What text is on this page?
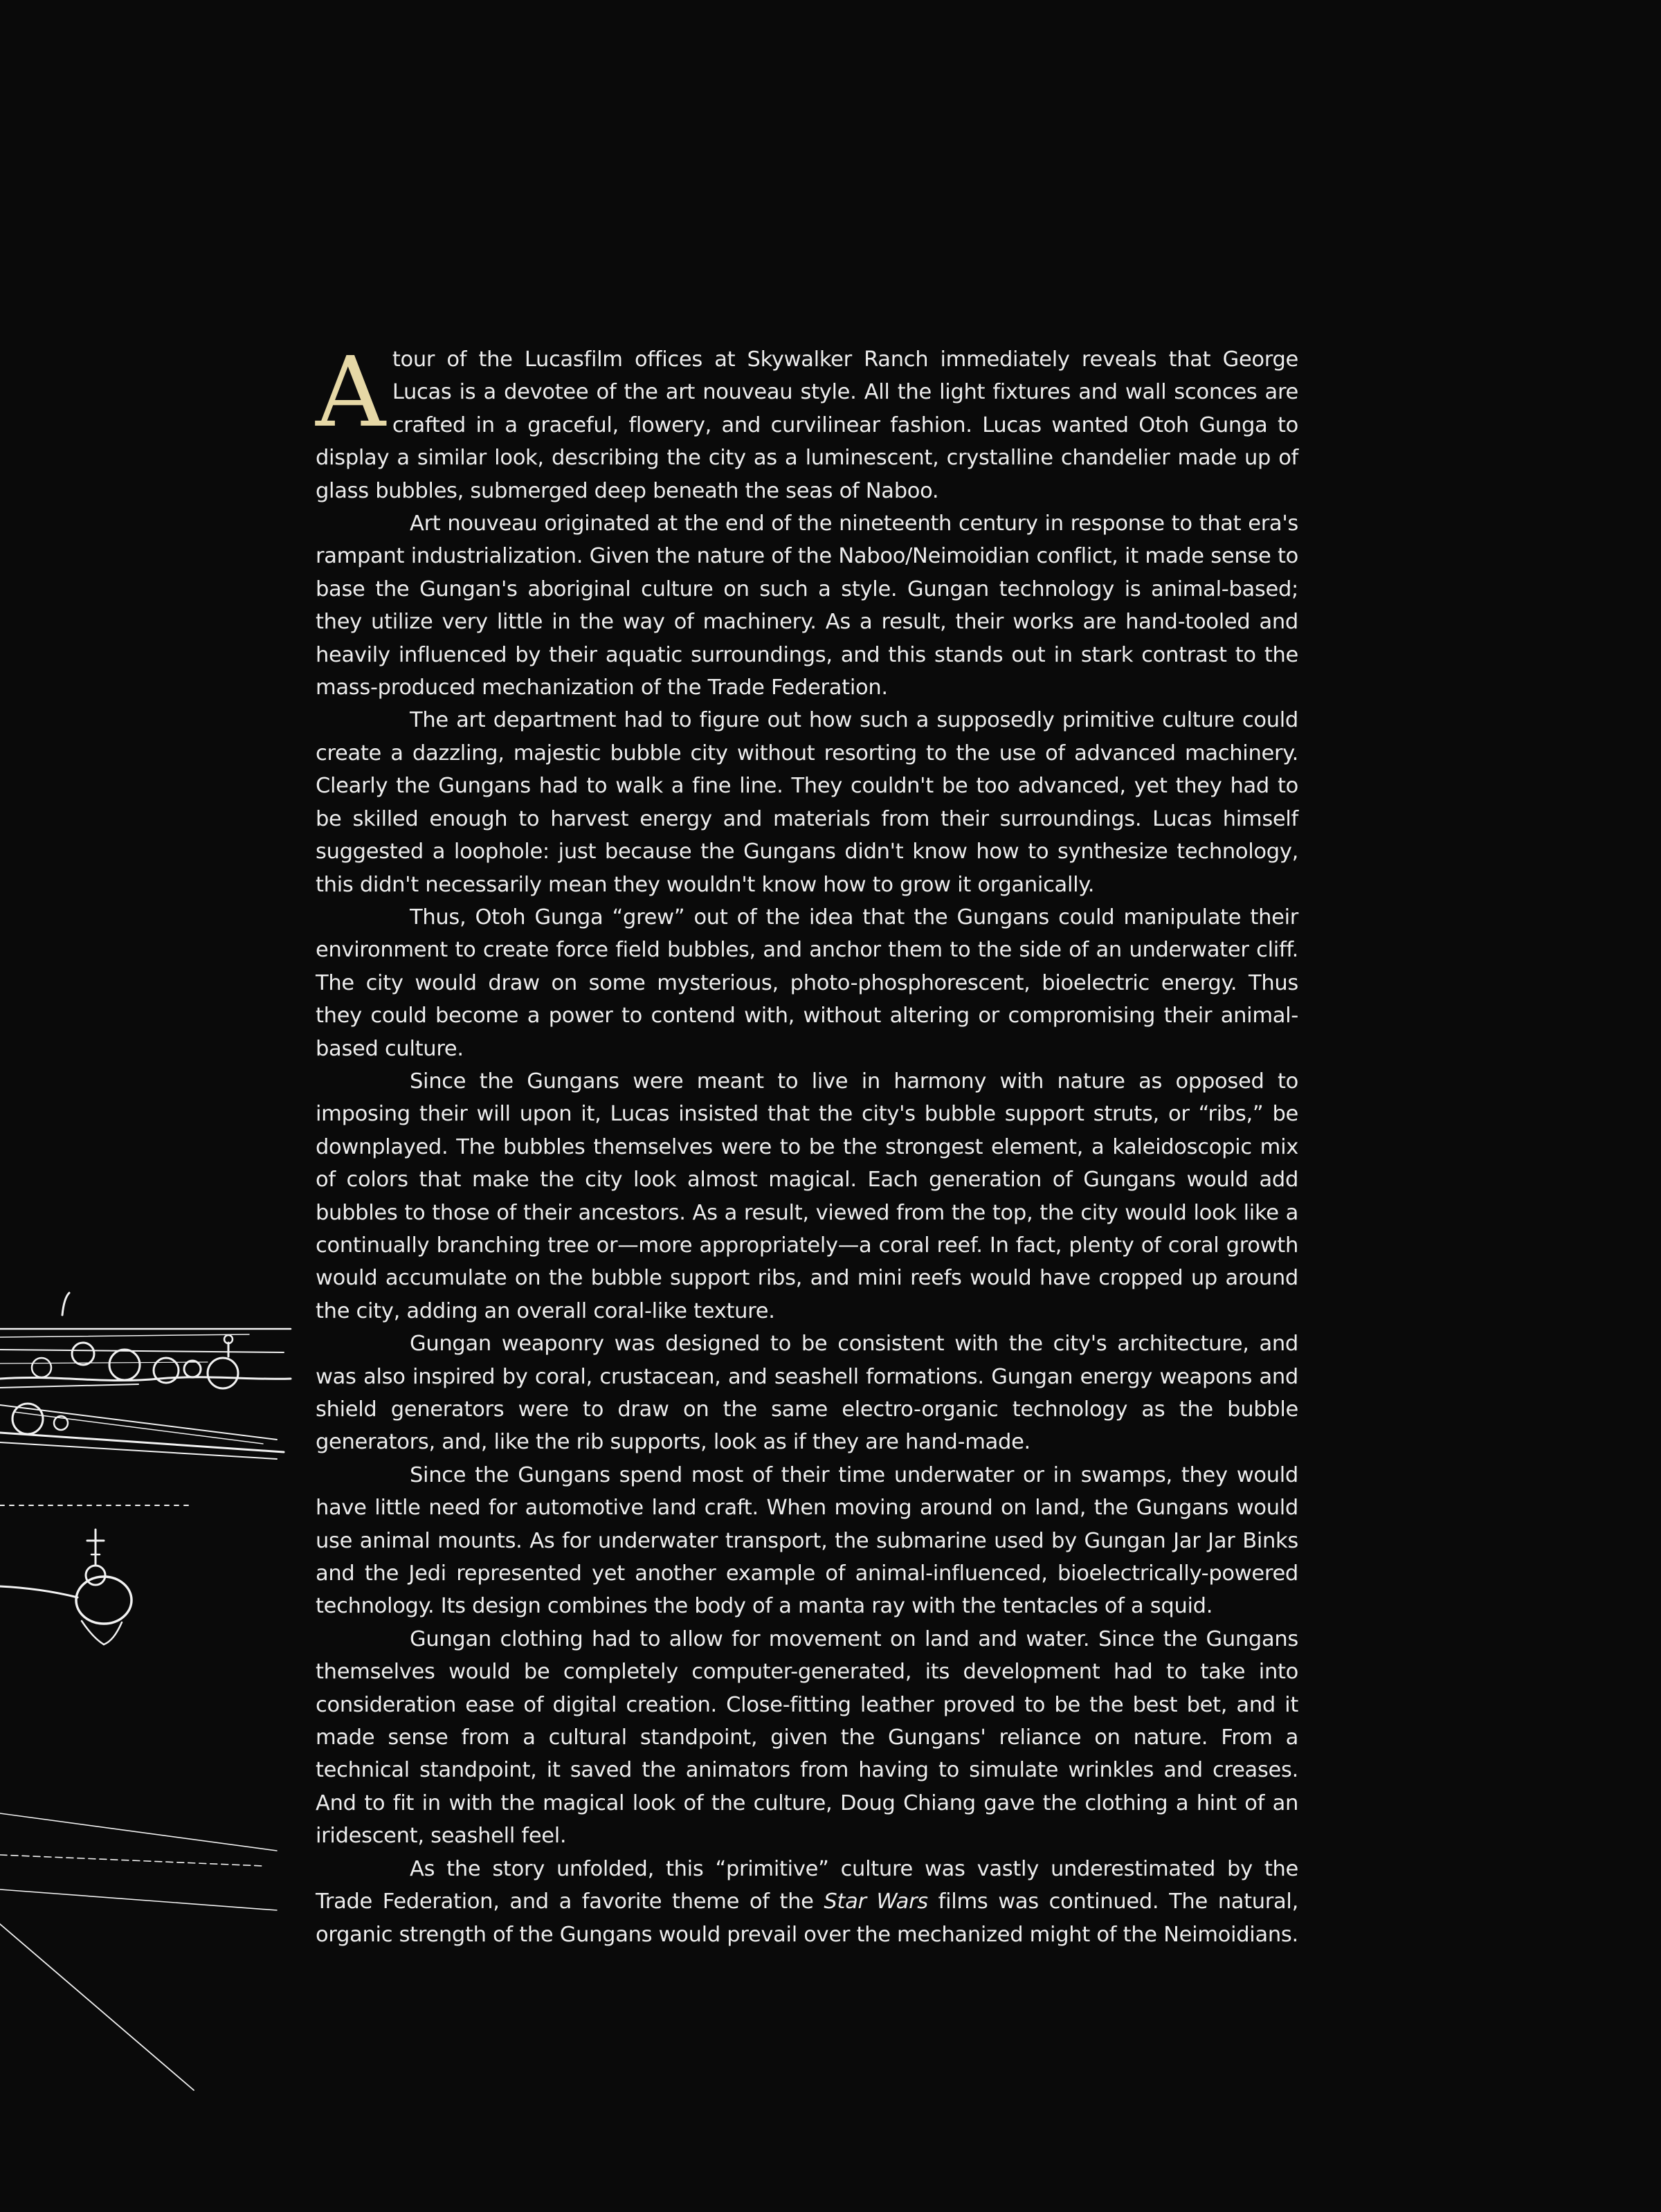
Atour of the Lucasfilm offices at Skywalker Ranch immediately reveals that George Lucas is a devotee of the art nouveau style. All the light fixtures and wall sconces are crafted in a graceful, flowery, and curvilinear fashion. Lucas wanted Otoh Gunga to display a similar look, describing the city as a luminescent, crystalline chandelier made up of glass bubbles, submerged deep beneath the seas of Naboo.

Art nouveau originated at the end of the nineteenth century in response to that era's rampant industrialization. Given the nature of the Naboo/Neimoidian conflict, it made sense to base the Gungan's aboriginal culture on such a style. Gungan technology is animal-based; they utilize very little in the way of machinery. As a result, their works are hand-tooled and heavily influenced by their aquatic surroundings, and this stands out in stark contrast to the mass-produced mechanization of the Trade Federation.

The art department had to figure out how such a supposedly primitive culture could create a dazzling, majestic bubble city without resorting to the use of advanced machinery. Clearly the Gungans had to walk a fine line. They couldn't be too advanced, yet they had to be skilled enough to harvest energy and materials from their surroundings. Lucas himself suggested a loophole: just because the Gungans didn't know how to synthesize technology, this didn't necessarily mean they wouldn't know how to grow it organically.

Thus, Otoh Gunga “grew” out of the idea that the Gungans could manipulate their environment to create force field bubbles, and anchor them to the side of an underwater cliff. The city would draw on some mysterious, photo-phosphorescent, bioelectric energy. Thus they could become a power to contend with, without altering or compromising their animal-based culture.

Since the Gungans were meant to live in harmony with nature as opposed to imposing their will upon it, Lucas insisted that the city's bubble support struts, or “ribs,” be downplayed. The bubbles themselves were to be the strongest element, a kaleidoscopic mix of colors that make the city look almost magical. Each generation of Gungans would add bubbles to those of their ancestors. As a result, viewed from the top, the city would look like a continually branching tree or—more appropriately—a coral reef. In fact, plenty of coral growth would accumulate on the bubble support ribs, and mini reefs would have cropped up around the city, adding an overall coral-like texture.

Gungan weaponry was designed to be consistent with the city's architecture, and was also inspired by coral, crustacean, and seashell formations. Gungan energy weapons and shield generators were to draw on the same electro-organic technology as the bubble generators, and, like the rib supports, look as if they are hand-made.

Since the Gungans spend most of their time underwater or in swamps, they would have little need for automotive land craft. When moving around on land, the Gungans would use animal mounts. As for underwater transport, the submarine used by Gungan Jar Jar Binks and the Jedi represented yet another example of animal-influenced, bioelectrically-powered technology. Its design combines the body of a manta ray with the tentacles of a squid.

Gungan clothing had to allow for movement on land and water. Since the Gungans themselves would be completely computer-generated, its development had to take into consideration ease of digital creation. Close-fitting leather proved to be the best bet, and it made sense from a cultural standpoint, given the Gungans' reliance on nature. From a technical standpoint, it saved the animators from having to simulate wrinkles and creases. And to fit in with the magical look of the culture, Doug Chiang gave the clothing a hint of an iridescent, seashell feel.

As the story unfolded, this “primitive” culture was vastly underestimated by the Trade Federation, and a favorite theme of the Star Wars films was continued. The natural, organic strength of the Gungans would prevail over the mechanized might of the Neimoidians.
